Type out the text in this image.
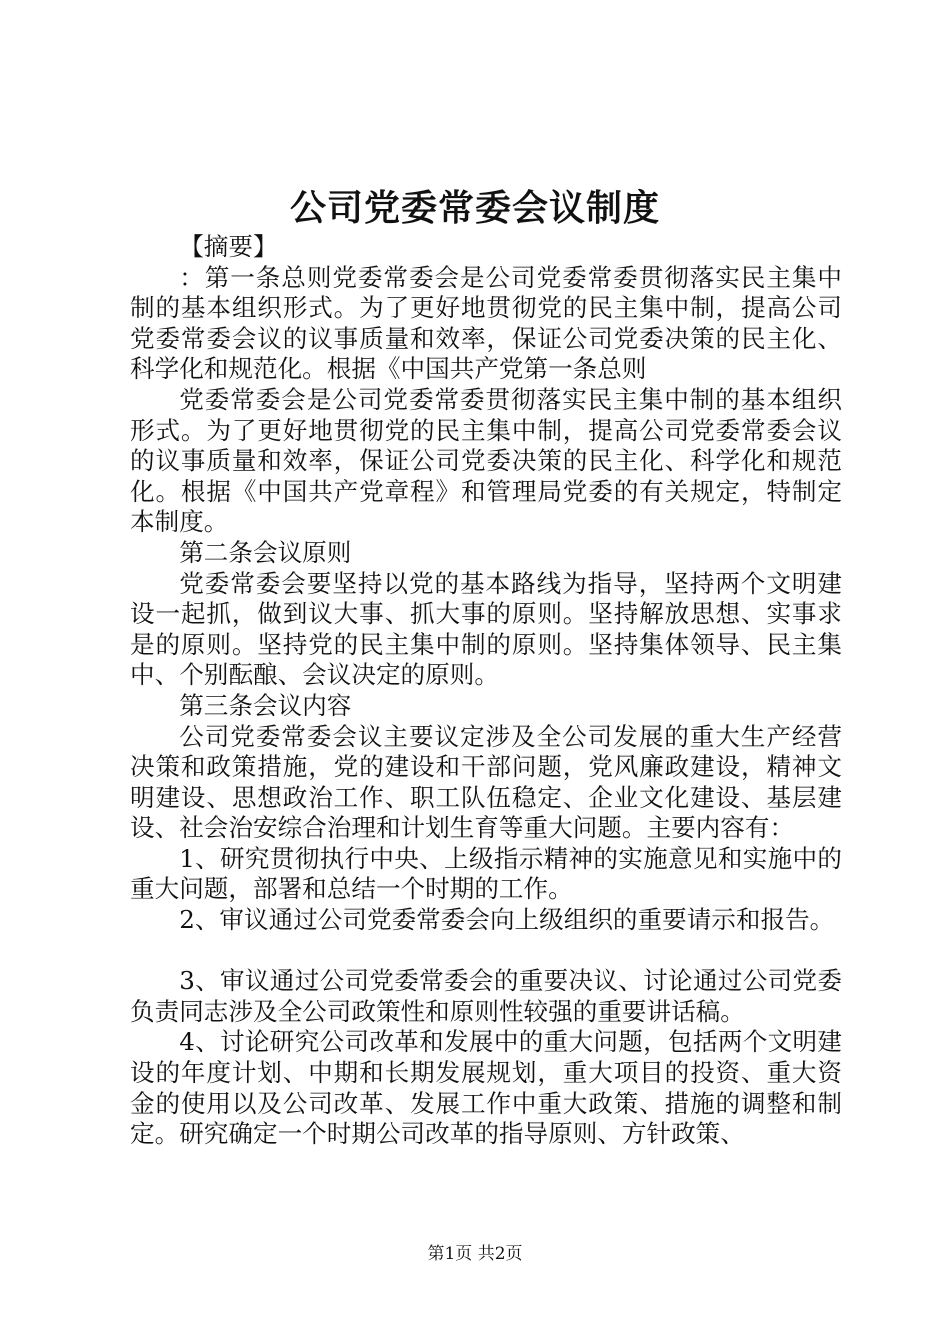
公司党委常委会议制度
【摘要】
：第一条总则党委常委会是公司党委常委贯彻落实民主集中制的基本组织形式。为了更好地贯彻党的民主集中制，提高公司党委常委会议的议事质量和效率，保证公司党委决策的民主化、科学化和规范化。根据《中国共产党第一条总则
党委常委会是公司党委常委贯彻落实民主集中制的基本组织形式。为了更好地贯彻党的民主集中制，提高公司党委常委会议的议事质量和效率，保证公司党委决策的民主化、科学化和规范化。根据《中国共产党章程》和管理局党委的有关规定，特制定本制度。
第二条会议原则
党委常委会要坚持以党的基本路线为指导，坚持两个文明建设一起抓，做到议大事、抓大事的原则。坚持解放思想、实事求是的原则。坚持党的民主集中制的原则。坚持集体领导、民主集中、个别酝酿、会议决定的原则。
第三条会议内容
公司党委常委会议主要议定涉及全公司发展的重大生产经营决策和政策措施，党的建设和干部问题，党风廉政建设，精神文明建设、思想政治工作、职工队伍稳定、企业文化建设、基层建设、社会治安综合治理和计划生育等重大问题。主要内容有：
1、研究贯彻执行中央、上级指示精神的实施意见和实施中的重大问题，部署和总结一个时期的工作。
2、审议通过公司党委常委会向上级组织的重要请示和报告。
3、审议通过公司党委常委会的重要决议、讨论通过公司党委负责同志涉及全公司政策性和原则性较强的重要讲话稿。
4、讨论研究公司改革和发展中的重大问题，包括两个文明建设的年度计划、中期和长期发展规划，重大项目的投资、重大资金的使用以及公司改革、发展工作中重大政策、措施的调整和制定。研究确定一个时期公司改革的指导原则、方针政策、
第1页 共2页
